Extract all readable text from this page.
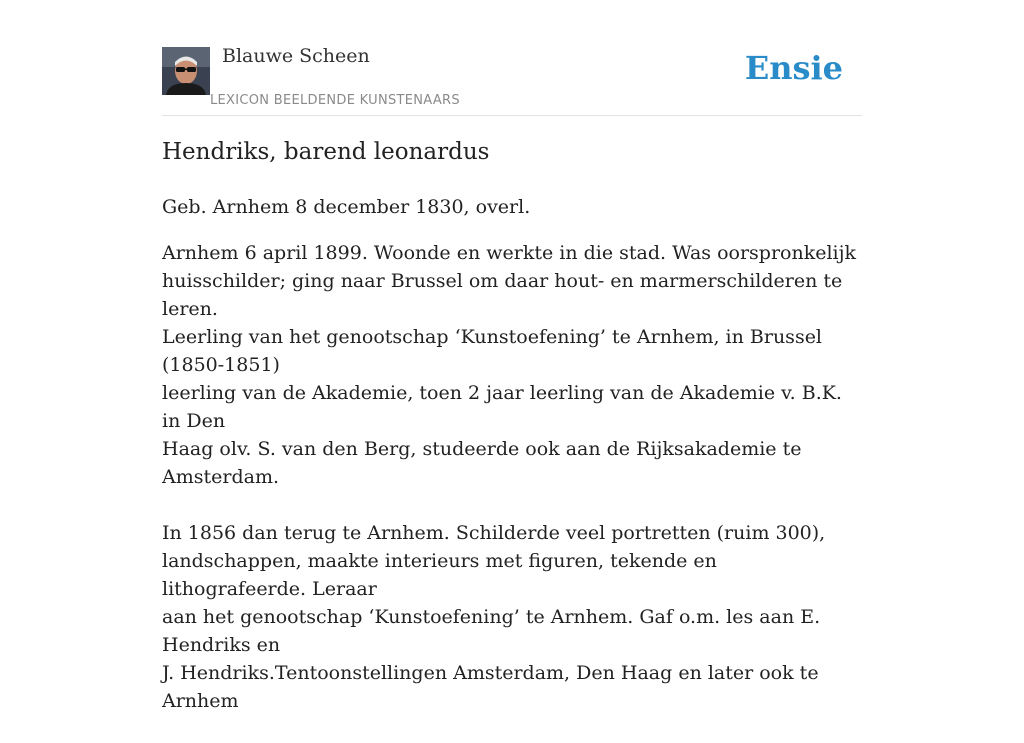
Blauwe Scheen
LEXICON BEELDENDE KUNSTENAARS
Ensie
Hendriks, barend leonardus

Geb. Arnhem 8 december 1830, overl.

Arnhem 6 april 1899. Woonde en werkte in die stad. Was oorspronkelijk
huisschilder; ging naar Brussel om daar hout- en marmerschilderen te leren.
Leerling van het genootschap ‘Kunstoefening’ te Arnhem, in Brussel (1850-1851)
leerling van de Akademie, toen 2 jaar leerling van de Akademie v. B.K. in Den
Haag olv. S. van den Berg, studeerde ook aan de Rijksakademie te Amsterdam.

In 1856 dan terug te Arnhem. Schilderde veel portretten (ruim 300),
landschappen, maakte interieurs met figuren, tekende en lithografeerde. Leraar
aan het genootschap ‘Kunstoefening’ te Arnhem. Gaf o.m. les aan E. Hendriks en
J. Hendriks.Tentoonstellingen Amsterdam, Den Haag en later ook te Arnhem
